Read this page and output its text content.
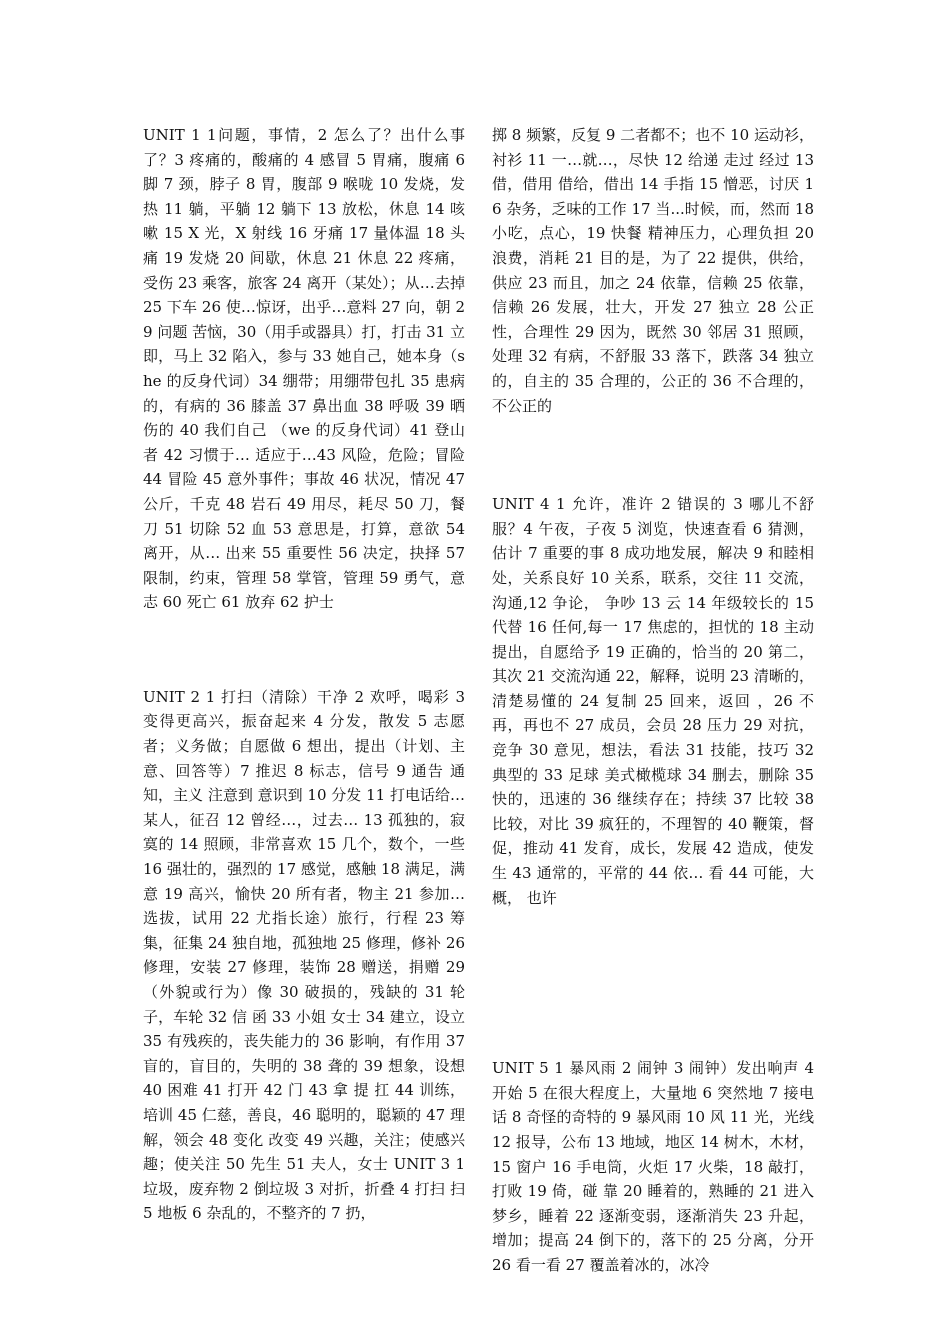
UNIT 1 1问题，事情，2 怎么了？出什么事了？3 疼痛的，酸痛的 4 感冒 5 胃痛，腹痛 6 脚 7 颈，脖子 8 胃，腹部 9 喉咙 10 发烧，发热 11 躺，平躺 12 躺下 13 放松，休息 14 咳嗽 15 X 光，X 射线 16 牙痛 17 量体温 18 头痛 19 发烧 20 间歇，休息 21 休息 22 疼痛，受伤 23 乘客，旅客 24 离开（某处）；从…去掉 25 下车 26 使…惊讶，出乎…意料 27 向，朝 29 问题 苦恼，30（用手或器具）打，打击 31 立即，马上 32 陷入，参与 33 她自己，她本身（she 的反身代词）34 绷带；用绷带包扎 35 患病的，有病的 36 膝盖 37 鼻出血 38 呼吸 39 晒伤的 40 我们自己 （we 的反身代词）41 登山者 42 习惯于… 适应于…43 风险，危险；冒险 44 冒险 45 意外事件；事故 46 状况，情况 47 公斤，千克 48 岩石 49 用尽，耗尽 50 刀，餐刀 51 切除 52 血 53 意思是，打算，意欲 54 离开，从… 出来 55 重要性 56 决定，抉择 57 限制，约束，管理 58 掌管，管理 59 勇气，意志 60 死亡 61 放弃 62 护士

UNIT 2 1 打扫（清除）干净 2 欢呼，喝彩 3 变得更高兴，振奋起来 4 分发，散发 5 志愿者；义务做；自愿做 6 想出，提出（计划、主意、回答等）7 推迟 8 标志，信号 9 通告 通知，主义 注意到 意识到 10 分发 11 打电话给…某人，征召 12 曾经…，过去… 13 孤独的，寂寞的 14 照顾，非常喜欢 15 几个，数个，一些 16 强壮的，强烈的 17 感觉，感触 18 满足，满意 19 高兴，愉快 20 所有者，物主 21 参加…选拔，试用 22 尤指长途）旅行，行程 23 筹集，征集 24 独自地，孤独地 25 修理，修补 26 修理，安装 27 修理，装饰 28 赠送，捐赠 29（外貌或行为）像 30 破损的，残缺的 31 轮子，车轮 32 信 函 33 小姐 女士 34 建立，设立 35 有残疾的，丧失能力的 36 影响，有作用 37 盲的，盲目的，失明的 38 聋的 39 想象，设想 40 困难 41 打开 42 门 43 拿 提 扛 44 训练，培训 45 仁慈，善良，46 聪明的，聪颖的 47 理解，领会 48 变化 改变 49 兴趣，关注；使感兴趣；使关注 50 先生 51 夫人，女士 UNIT 3 1 垃圾，废弃物 2 倒垃圾 3 对折，折叠 4 打扫 扫 5 地板 6 杂乱的，不整齐的 7 扔，

掷 8 频繁，反复 9 二者都不；也不 10 运动衫，衬衫 11 一…就…，尽快 12 给递 走过 经过 13 借，借用 借给，借出 14 手指 15 憎恶，讨厌 16 杂务，乏味的工作 17 当...时候，而，然而 18 小吃，点心，19 快餐 精神压力，心理负担 20 浪费，消耗 21 目的是，为了 22 提供，供给，供应 23 而且，加之 24 依靠，信赖 25 依靠，信赖 26 发展，壮大，开发 27 独立 28 公正性，合理性 29 因为，既然 30 邻居 31 照顾，处理 32 有病，不舒服 33 落下，跌落 34 独立的，自主的 35 合理的，公正的 36 不合理的，不公正的

UNIT 4 1 允许，准许 2 错误的 3 哪儿不舒服？4 午夜，子夜 5 浏览，快速查看 6 猜测，估计 7 重要的事 8 成功地发展，解决 9 和睦相处，关系良好 10 关系，联系，交往 11 交流，沟通,12 争论， 争吵 13 云 14 年级较长的 15 代替 16 任何,每一 17 焦虑的，担忧的 18 主动提出，自愿给予 19 正确的，恰当的 20 第二，其次 21 交流沟通 22，解释，说明 23 清晰的，清楚易懂的 24 复制 25 回来，返回 ，26 不再，再也不 27 成员，会员 28 压力 29 对抗，竞争 30 意见，想法，看法 31 技能，技巧 32 典型的 33 足球 美式橄榄球 34 删去，删除 35 快的，迅速的 36 继续存在；持续 37 比较 38 比较，对比 39 疯狂的，不理智的 40 鞭策，督促，推动 41 发育，成长，发展 42 造成，使发生 43 通常的，平常的 44 依… 看 44 可能，大概， 也许

UNIT 5 1 暴风雨 2 闹钟 3 闹钟）发出响声 4 开始 5 在很大程度上，大量地 6 突然地 7 接电话 8 奇怪的奇特的 9 暴风雨 10 风 11 光，光线 12 报导，公布 13 地域，地区 14 树木，木材，15 窗户 16 手电筒，火炬 17 火柴，18 敲打，打败 19 倚，碰 靠 20 睡着的，熟睡的 21 进入梦乡，睡着 22 逐渐变弱，逐渐消失 23 升起，增加；提高 24 倒下的，落下的 25 分离，分开 26 看一看 27 覆盖着冰的，冰冷
